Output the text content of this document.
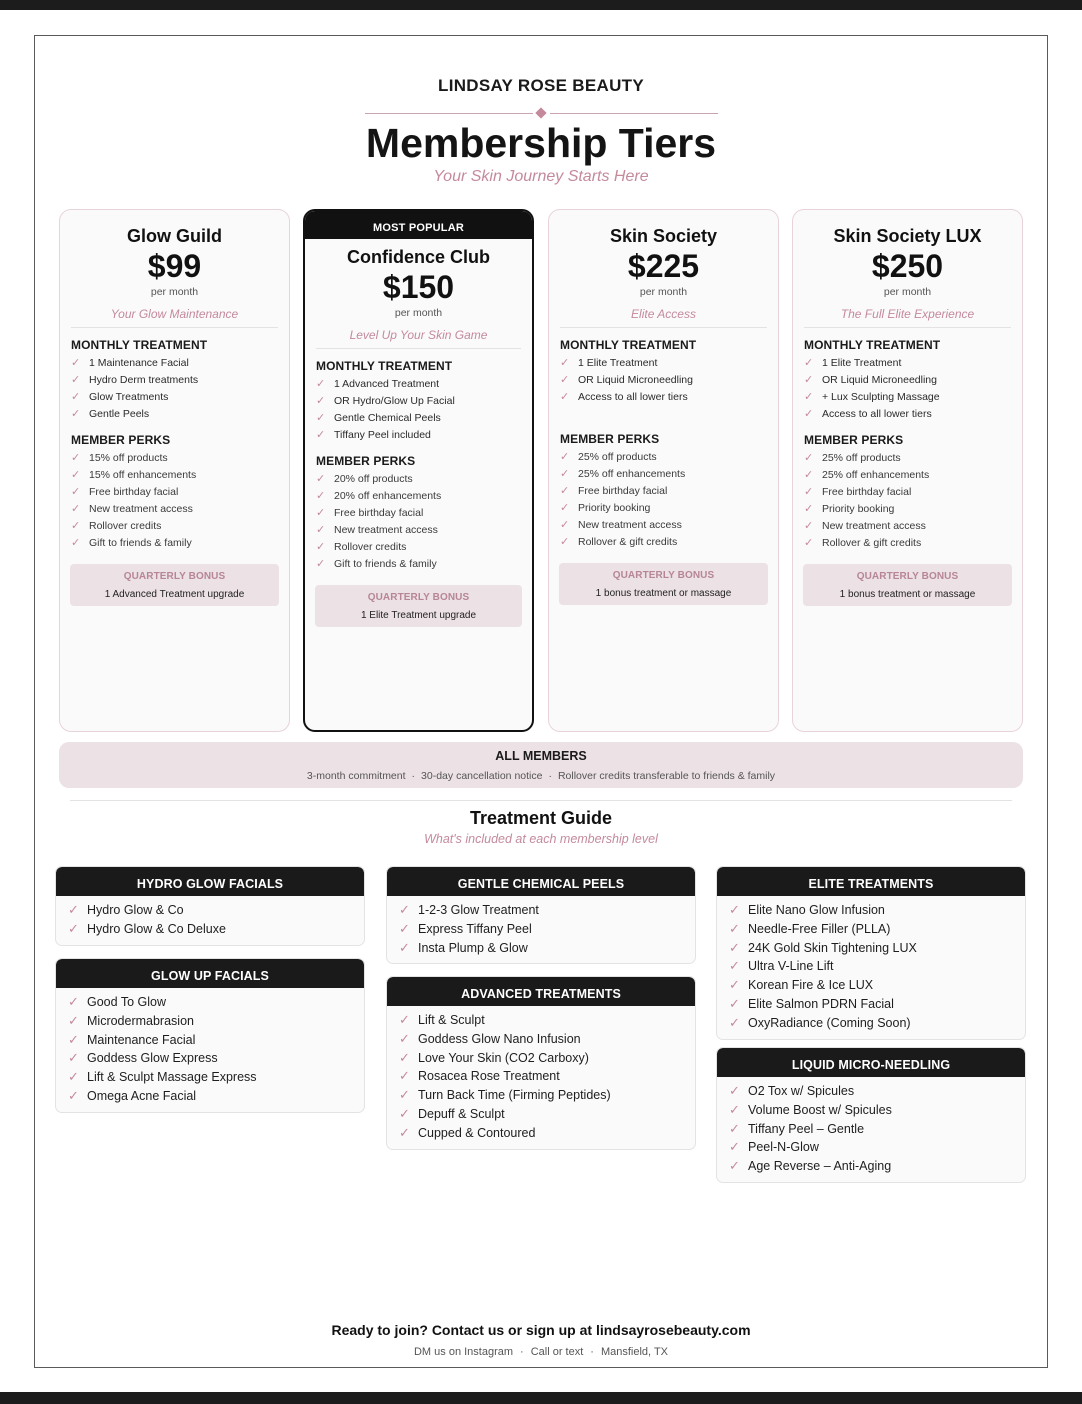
LINDSAY ROSE BEAUTY
Membership Tiers
Your Skin Journey Starts Here
Glow Guild
$99
per month
Your Glow Maintenance
MONTHLY TREATMENT
✓ 1 Maintenance Facial
✓ Hydro Derm treatments
✓ Glow Treatments
✓ Gentle Peels
MEMBER PERKS
✓ 15% off products
✓ 15% off enhancements
✓ Free birthday facial
✓ New treatment access
✓ Rollover credits
✓ Gift to friends & family
QUARTERLY BONUS
1 Advanced Treatment upgrade
MOST POPULAR
Confidence Club
$150
per month
Level Up Your Skin Game
MONTHLY TREATMENT
✓ 1 Advanced Treatment
✓ OR Hydro/Glow Up Facial
✓ Gentle Chemical Peels
✓ Tiffany Peel included
MEMBER PERKS
✓ 20% off products
✓ 20% off enhancements
✓ Free birthday facial
✓ New treatment access
✓ Rollover credits
✓ Gift to friends & family
QUARTERLY BONUS
1 Elite Treatment upgrade
Skin Society
$225
per month
Elite Access
MONTHLY TREATMENT
✓ 1 Elite Treatment
✓ OR Liquid Microneedling
✓ Access to all lower tiers
MEMBER PERKS
✓ 25% off products
✓ 25% off enhancements
✓ Free birthday facial
✓ Priority booking
✓ New treatment access
✓ Rollover & gift credits
QUARTERLY BONUS
1 bonus treatment or massage
Skin Society LUX
$250
per month
The Full Elite Experience
MONTHLY TREATMENT
✓ 1 Elite Treatment
✓ OR Liquid Microneedling
✓ + Lux Sculpting Massage
✓ Access to all lower tiers
MEMBER PERKS
✓ 25% off products
✓ 25% off enhancements
✓ Free birthday facial
✓ Priority booking
✓ New treatment access
✓ Rollover & gift credits
QUARTERLY BONUS
1 bonus treatment or massage
ALL MEMBERS
3-month commitment · 30-day cancellation notice · Rollover credits transferable to friends & family
Treatment Guide
What's included at each membership level
HYDRO GLOW FACIALS
✓ Hydro Glow & Co
✓ Hydro Glow & Co Deluxe
GLOW UP FACIALS
✓ Good To Glow
✓ Microdermabrasion
✓ Maintenance Facial
✓ Goddess Glow Express
✓ Lift & Sculpt Massage Express
✓ Omega Acne Facial
GENTLE CHEMICAL PEELS
✓ 1-2-3 Glow Treatment
✓ Express Tiffany Peel
✓ Insta Plump & Glow
ADVANCED TREATMENTS
✓ Lift & Sculpt
✓ Goddess Glow Nano Infusion
✓ Love Your Skin (CO2 Carboxy)
✓ Rosacea Rose Treatment
✓ Turn Back Time (Firming Peptides)
✓ Depuff & Sculpt
✓ Cupped & Contoured
ELITE TREATMENTS
✓ Elite Nano Glow Infusion
✓ Needle-Free Filler (PLLA)
✓ 24K Gold Skin Tightening LUX
✓ Ultra V-Line Lift
✓ Korean Fire & Ice LUX
✓ Elite Salmon PDRN Facial
✓ OxyRadiance (Coming Soon)
LIQUID MICRO-NEEDLING
✓ O2 Tox w/ Spicules
✓ Volume Boost w/ Spicules
✓ Tiffany Peel – Gentle
✓ Peel-N-Glow
✓ Age Reverse – Anti-Aging
Ready to join? Contact us or sign up at lindsayrosebeauty.com
DM us on Instagram · Call or text · Mansfield, TX
